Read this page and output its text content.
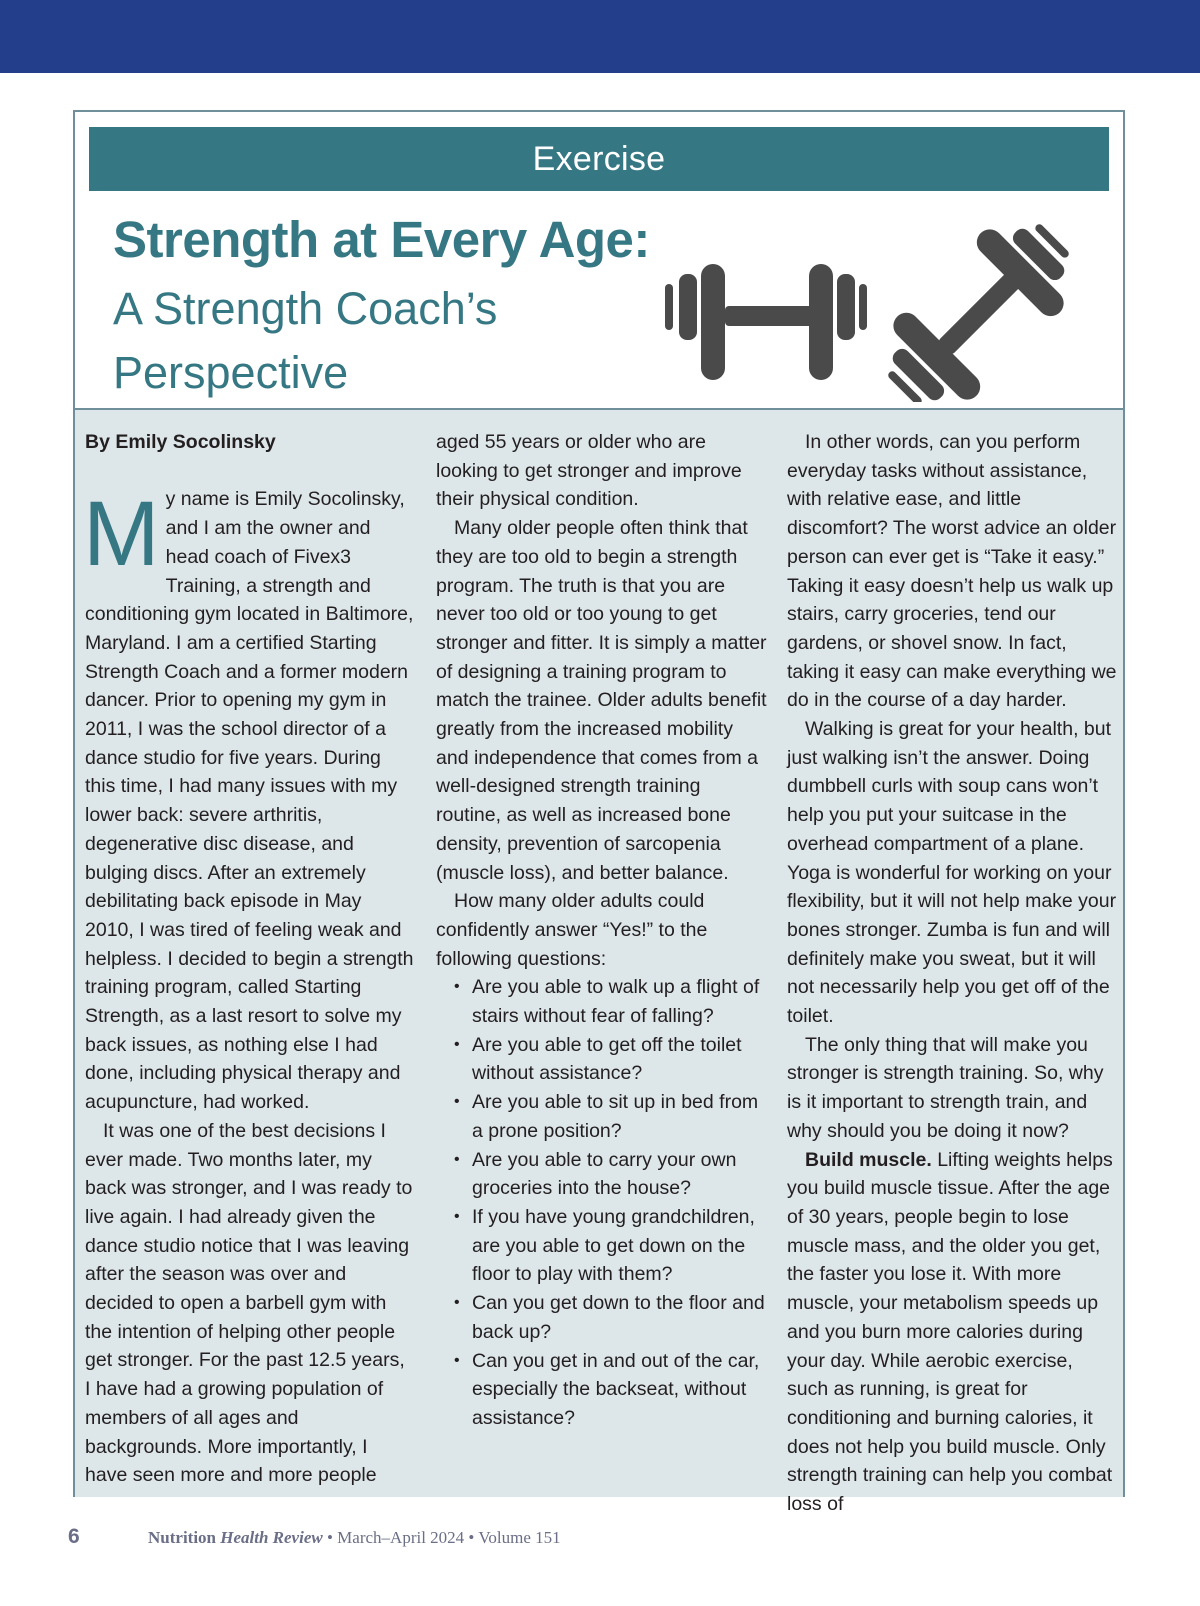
Exercise
Strength at Every Age:
A Strength Coach’s Perspective

By Emily Socolinsky

My name is Emily Socolinsky, and I am the owner and head coach of Fivex3 Training, a strength and conditioning gym located in Baltimore, Maryland. I am a certified Starting Strength Coach and a former modern dancer. Prior to opening my gym in 2011, I was the school director of a dance studio for five years. During this time, I had many issues with my lower back: severe arthritis, degenerative disc disease, and bulging discs. After an extremely debilitating back episode in May 2010, I was tired of feeling weak and helpless. I decided to begin a strength training program, called Starting Strength, as a last resort to solve my back issues, as nothing else I had done, including physical therapy and acupuncture, had worked.

It was one of the best decisions I ever made. Two months later, my back was stronger, and I was ready to live again. I had already given the dance studio notice that I was leaving after the season was over and decided to open a barbell gym with the intention of helping other people get stronger. For the past 12.5 years, I have had a growing population of members of all ages and backgrounds. More importantly, I have seen more and more people

aged 55 years or older who are looking to get stronger and improve their physical condition.

Many older people often think that they are too old to begin a strength program. The truth is that you are never too old or too young to get stronger and fitter. It is simply a matter of designing a training program to match the trainee. Older adults benefit greatly from the increased mobility and independence that comes from a well-designed strength training routine, as well as increased bone density, prevention of sarcopenia (muscle loss), and better balance.

How many older adults could confidently answer “Yes!” to the following questions:

• Are you able to walk up a flight of stairs without fear of falling?
• Are you able to get off the toilet without assistance?
• Are you able to sit up in bed from a prone position?
• Are you able to carry your own groceries into the house?
• If you have young grandchildren, are you able to get down on the floor to play with them?
• Can you get down to the floor and back up?
• Can you get in and out of the car, especially the backseat, without assistance?

In other words, can you perform everyday tasks without assistance, with relative ease, and little discomfort? The worst advice an older person can ever get is “Take it easy.” Taking it easy doesn’t help us walk up stairs, carry groceries, tend our gardens, or shovel snow. In fact, taking it easy can make everything we do in the course of a day harder.

Walking is great for your health, but just walking isn’t the answer. Doing dumbbell curls with soup cans won’t help you put your suitcase in the overhead compartment of a plane. Yoga is wonderful for working on your flexibility, but it will not help make your bones stronger. Zumba is fun and will definitely make you sweat, but it will not necessarily help you get off of the toilet.

The only thing that will make you stronger is strength training. So, why is it important to strength train, and why should you be doing it now?

Build muscle. Lifting weights helps you build muscle tissue. After the age of 30 years, people begin to lose muscle mass, and the older you get, the faster you lose it. With more muscle, your metabolism speeds up and you burn more calories during your day. While aerobic exercise, such as running, is great for conditioning and burning calories, it does not help you build muscle. Only strength training can help you combat loss of

6	Nutrition Health Review • March–April 2024 • Volume 151
